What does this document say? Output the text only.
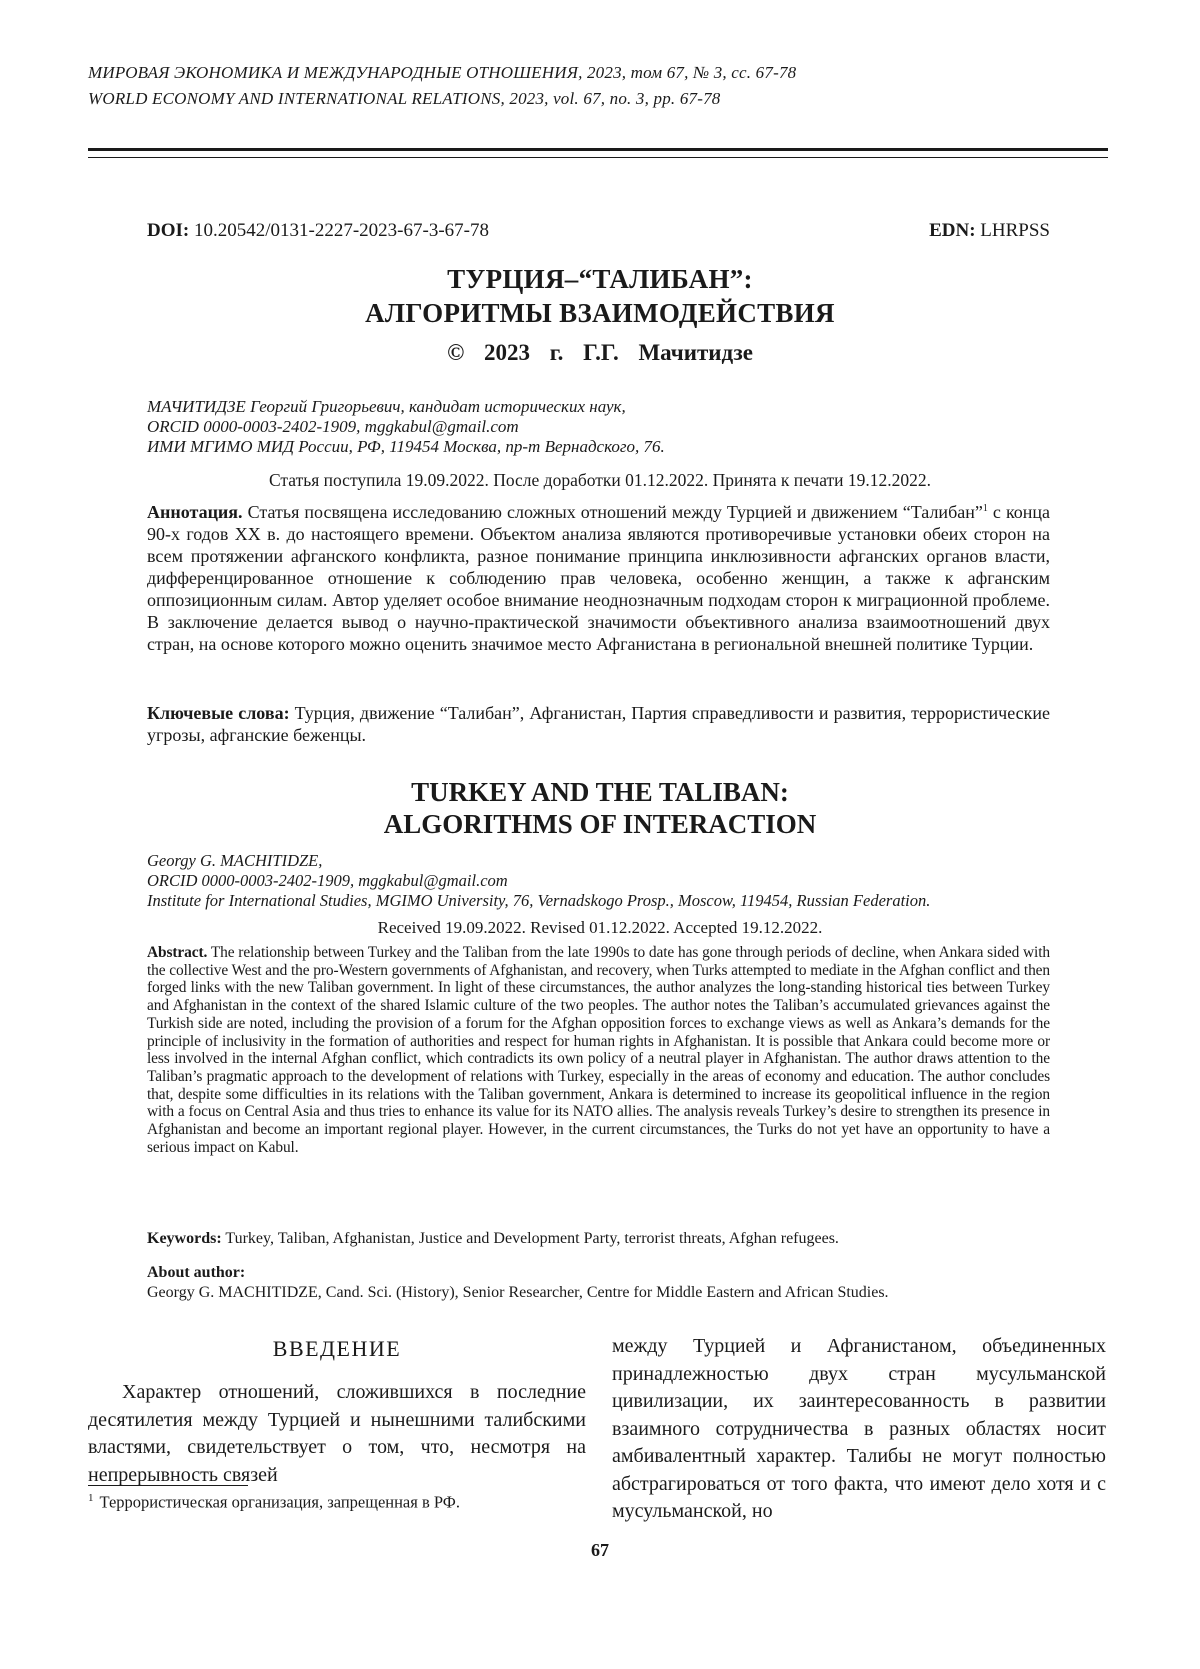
МИРОВАЯ ЭКОНОМИКА И МЕЖДУНАРОДНЫЕ ОТНОШЕНИЯ, 2023, том 67, № 3, сс. 67-78
WORLD ECONOMY AND INTERNATIONAL RELATIONS, 2023, vol. 67, no. 3, pp. 67-78
DOI: 10.20542/0131-2227-2023-67-3-67-78	EDN: LHRPSS
ТУРЦИЯ–“ТАЛИБАН”:
АЛГОРИТМЫ ВЗАИМОДЕЙСТВИЯ
© 2023 г. Г.Г. Мачитидзе
МАЧИТИДЗЕ Георгий Григорьевич, кандидат исторических наук,
ORCID 0000-0003-2402-1909, mggkabul@gmail.com
ИМИ МГИМО МИД России, РФ, 119454 Москва, пр-т Вернадского, 76.
Статья поступила 19.09.2022. После доработки 01.12.2022. Принята к печати 19.12.2022.
Аннотация. Статья посвящена исследованию сложных отношений между Турцией и движением “Талибан”1 с конца 90-х годов XX в. до настоящего времени. Объектом анализа являются противоречивые установки обеих сторон на всем протяжении афганского конфликта, разное понимание принципа инклюзивности афганских органов власти, дифференцированное отношение к соблюдению прав человека, особенно женщин, а также к афганским оппозиционным силам. Автор уделяет особое внимание неоднозначным подходам сторон к миграционной проблеме. В заключение делается вывод о научно-практической значимости объективного анализа взаимоотношений двух стран, на основе которого можно оценить значимое место Афганистана в региональной внешней политике Турции.
Ключевые слова: Турция, движение “Талибан”, Афганистан, Партия справедливости и развития, террористические угрозы, афганские беженцы.
TURKEY AND THE TALIBAN:
ALGORITHMS OF INTERACTION
Georgy G. MACHITIDZE,
ORCID 0000-0003-2402-1909, mggkabul@gmail.com
Institute for International Studies, MGIMO University, 76, Vernadskogo Prosp., Moscow, 119454, Russian Federation.
Received 19.09.2022. Revised 01.12.2022. Accepted 19.12.2022.
Abstract. The relationship between Turkey and the Taliban from the late 1990s to date has gone through periods of decline, when Ankara sided with the collective West and the pro-Western governments of Afghanistan, and recovery, when Turks attempted to mediate in the Afghan conflict and then forged links with the new Taliban government. In light of these circumstances, the author analyzes the long-standing historical ties between Turkey and Afghanistan in the context of the shared Islamic culture of the two peoples. The author notes the Taliban’s accumulated grievances against the Turkish side are noted, including the provision of a forum for the Afghan opposition forces to exchange views as well as Ankara’s demands for the principle of inclusivity in the formation of authorities and respect for human rights in Afghanistan. It is possible that Ankara could become more or less involved in the internal Afghan conflict, which contradicts its own policy of a neutral player in Afghanistan. The author draws attention to the Taliban’s pragmatic approach to the development of relations with Turkey, especially in the areas of economy and education. The author concludes that, despite some difficulties in its relations with the Taliban government, Ankara is determined to increase its geopolitical influence in the region with a focus on Central Asia and thus tries to enhance its value for its NATO allies. The analysis reveals Turkey’s desire to strengthen its presence in Afghanistan and become an important regional player. However, in the current circumstances, the Turks do not yet have an opportunity to have a serious impact on Kabul.
Keywords: Turkey, Taliban, Afghanistan, Justice and Development Party, terrorist threats, Afghan refugees.
About author:
Georgy G. MACHITIDZE, Cand. Sci. (History), Senior Researcher, Centre for Middle Eastern and African Studies.
ВВЕДЕНИЕ

Характер отношений, сложившихся в последние десятилетия между Турцией и нынешними талибскими властями, свидетельствует о том, что, несмотря на непрерывность связей

между Турцией и Афганистаном, объединенных принадлежностью двух стран мусульманской цивилизации, их заинтересованность в развитии взаимного сотрудничества в разных областях носит амбивалентный характер. Талибы не могут полностью абстрагироваться от того факта, что имеют дело хотя и с мусульманской, но

1 Террористическая организация, запрещенная в РФ.
67
